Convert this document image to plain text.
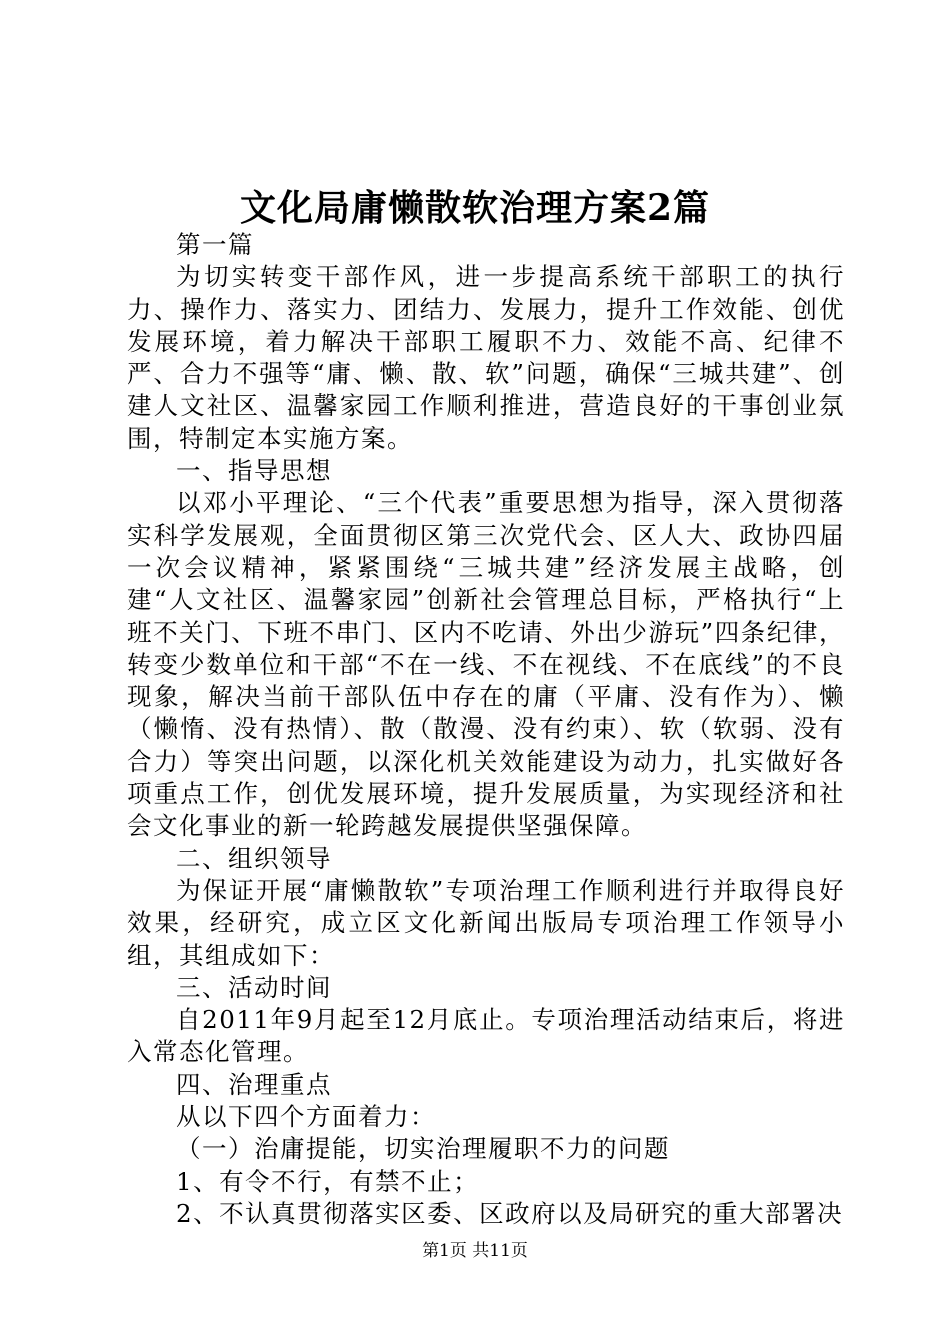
文化局庸懒散软治理方案2篇

第一篇

为切实转变干部作风，进一步提高系统干部职工的执行力、操作力、落实力、团结力、发展力，提升工作效能、创优发展环境，着力解决干部职工履职不力、效能不高、纪律不严、合力不强等“庸、懒、散、软”问题，确保“三城共建”、创建人文社区、温馨家园工作顺利推进，营造良好的干事创业氛围，特制定本实施方案。

一、指导思想

以邓小平理论、“三个代表”重要思想为指导，深入贯彻落实科学发展观，全面贯彻区第三次党代会、区人大、政协四届一次会议精神，紧紧围绕“三城共建”经济发展主战略，创建“人文社区、温馨家园”创新社会管理总目标，严格执行“上班不关门、下班不串门、区内不吃请、外出少游玩”四条纪律，转变少数单位和干部“不在一线、不在视线、不在底线”的不良现象，解决当前干部队伍中存在的庸（平庸、没有作为）、懒（懒惰、没有热情）、散（散漫、没有约束）、软（软弱、没有合力）等突出问题，以深化机关效能建设为动力，扎实做好各项重点工作，创优发展环境，提升发展质量，为实现经济和社会文化事业的新一轮跨越发展提供坚强保障。

二、组织领导

为保证开展“庸懒散软”专项治理工作顺利进行并取得良好效果，经研究，成立区文化新闻出版局专项治理工作领导小组，其组成如下：

三、活动时间

自2011年9月起至12月底止。专项治理活动结束后，将进入常态化管理。

四、治理重点

从以下四个方面着力：

（一）治庸提能，切实治理履职不力的问题

1、有令不行，有禁不止；

2、不认真贯彻落实区委、区政府以及局研究的重大部署决

第1页 共11页
